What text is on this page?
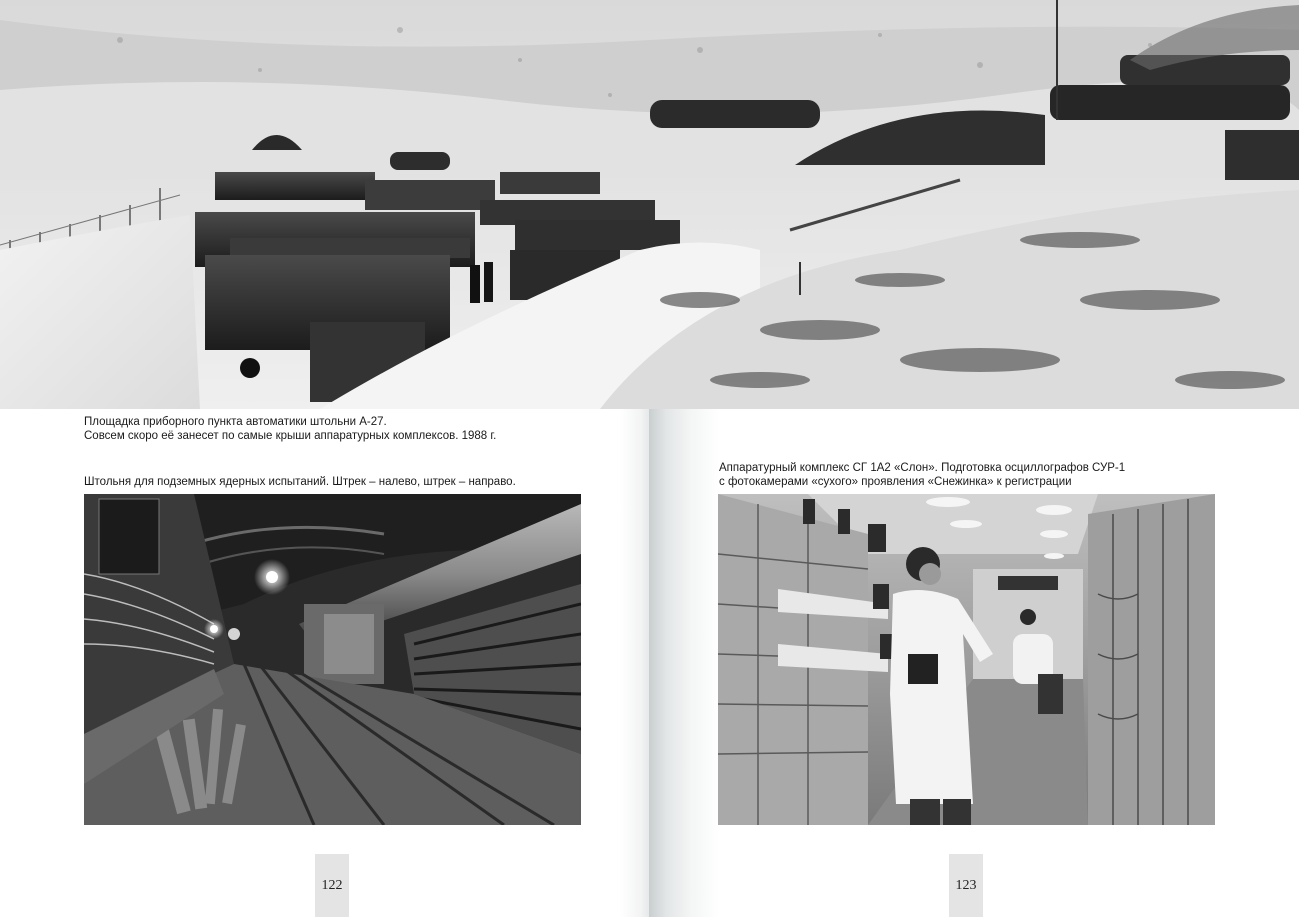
Площадка приборного пункта автоматики штольни А-27.
Совсем скоро её занесет по самые крыши аппаратурных комплексов. 1988 г.

Штольня для подземных ядерных испытаний. Штрек – налево, штрек – направо.

Аппаратурный комплекс СГ 1А2 «Слон». Подготовка осциллографов СУР-1
с фотокамерами «сухого» проявления «Снежинка» к регистрации

122	123
